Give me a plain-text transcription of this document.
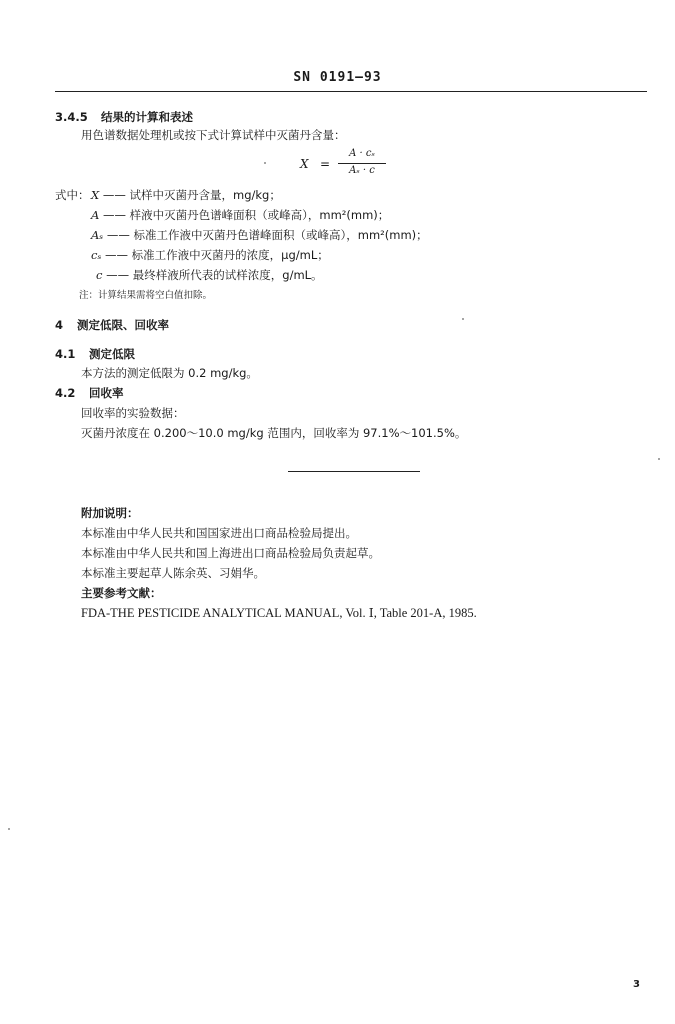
SN 0191—93
3.4.5 结果的计算和表述
用色谱数据处理机或按下式计算试样中灭菌丹含量：
X =
A · cₛ
Aₛ · c
式中： X —— 试样中灭菌丹含量，mg/kg；
A —— 样液中灭菌丹色谱峰面积（或峰高），mm²(mm)；
Aₛ —— 标准工作液中灭菌丹色谱峰面积（或峰高），mm²(mm)；
cₛ —— 标准工作液中灭菌丹的浓度，μg/mL；
c —— 最终样液所代表的试样浓度，g/mL。
注：计算结果需将空白值扣除。
4 测定低限、回收率
4.1 测定低限
本方法的测定低限为 0.2 mg/kg。
4.2 回收率
回收率的实验数据：
灭菌丹浓度在 0.200～10.0 mg/kg 范围内，回收率为 97.1%～101.5%。
附加说明：
本标准由中华人民共和国国家进出口商品检验局提出。
本标准由中华人民共和国上海进出口商品检验局负责起草。
本标准主要起草人陈余英、习娟华。
主要参考文献：
FDA-THE PESTICIDE ANALYTICAL MANUAL, Vol. Ⅰ, Table 201-A, 1985.
3
